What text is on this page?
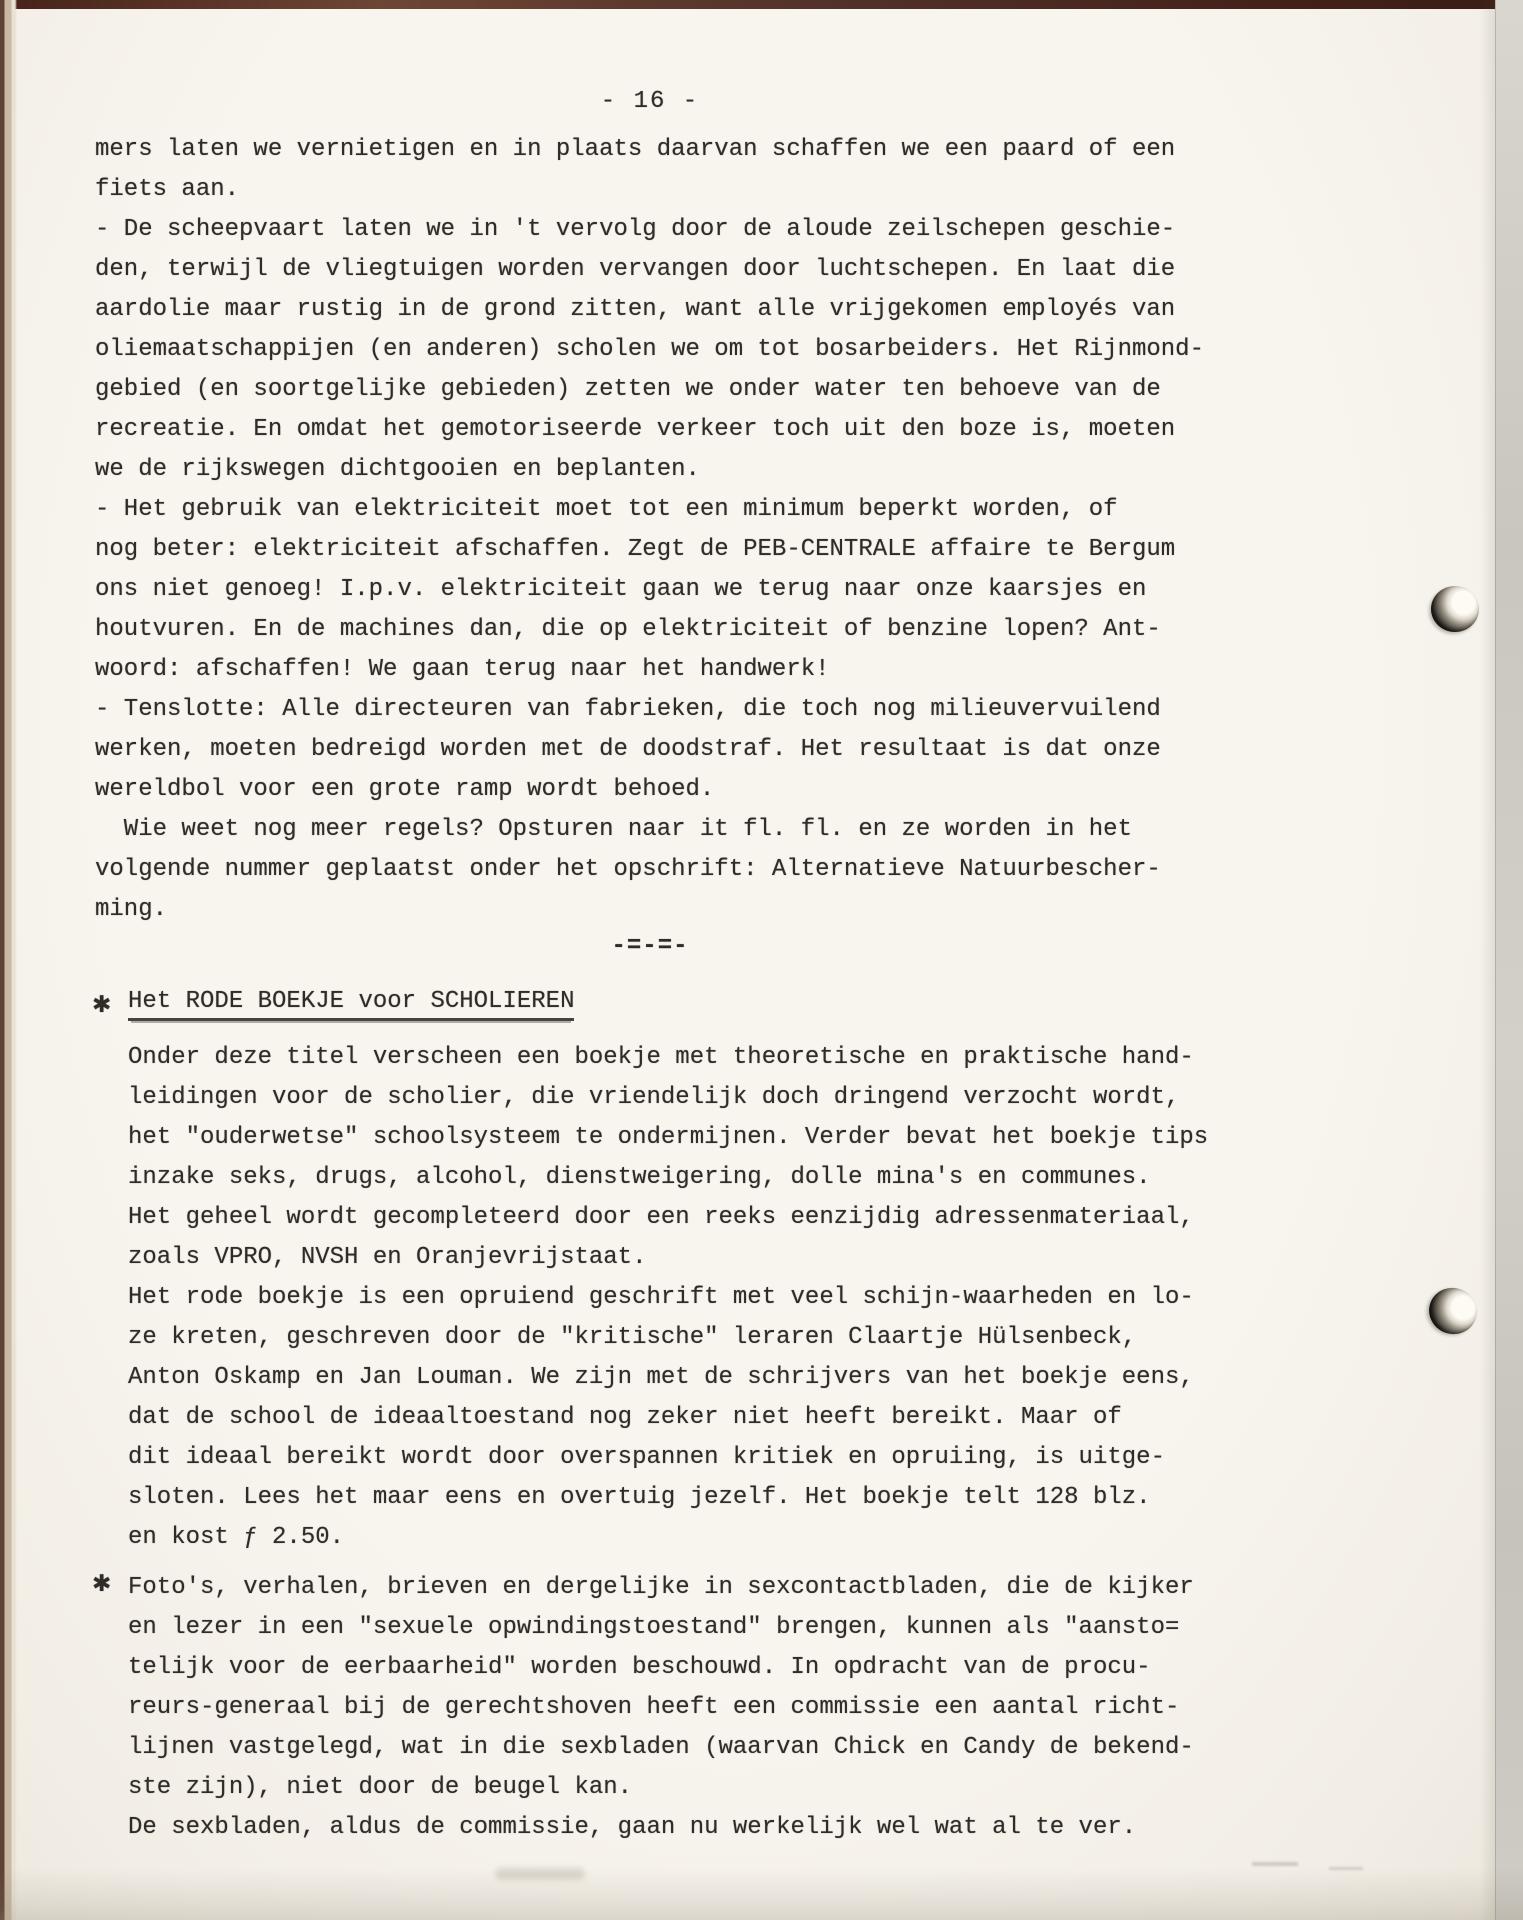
- 16 -
mers laten we vernietigen en in plaats daarvan schaffen we een paard of een
fiets aan.
- De scheepvaart laten we in 't vervolg door de aloude zeilschepen geschie-
den, terwijl de vliegtuigen worden vervangen door luchtschepen. En laat die
aardolie maar rustig in de grond zitten, want alle vrijgekomen employés van
oliemaatschappijen (en anderen) scholen we om tot bosarbeiders. Het Rijnmond-
gebied (en soortgelijke gebieden) zetten we onder water ten behoeve van de
recreatie. En omdat het gemotoriseerde verkeer toch uit den boze is, moeten
we de rijkswegen dichtgooien en beplanten.
- Het gebruik van elektriciteit moet tot een minimum beperkt worden, of
nog beter: elektriciteit afschaffen. Zegt de PEB-CENTRALE affaire te Bergum
ons niet genoeg! I.p.v. elektriciteit gaan we terug naar onze kaarsjes en
houtvuren. En de machines dan, die op elektriciteit of benzine lopen? Ant-
woord: afschaffen! We gaan terug naar het handwerk!
- Tenslotte: Alle directeuren van fabrieken, die toch nog milieuvervuilend
werken, moeten bedreigd worden met de doodstraf. Het resultaat is dat onze
wereldbol voor een grote ramp wordt behoed.
Wie weet nog meer regels? Opsturen naar it fl. fl. en ze worden in het
volgende nummer geplaatst onder het opschrift: Alternatieve Natuurbescher-
ming.
-=-=-
✱ Het RODE BOEKJE voor SCHOLIEREN
Onder deze titel verscheen een boekje met theoretische en praktische hand-
leidingen voor de scholier, die vriendelijk doch dringend verzocht wordt,
het "ouderwetse" schoolsysteem te ondermijnen. Verder bevat het boekje tips
inzake seks, drugs, alcohol, dienstweigering, dolle mina's en communes.
Het geheel wordt gecompleteerd door een reeks eenzijdig adressenmateriaal,
zoals VPRO, NVSH en Oranjevrijstaat.
Het rode boekje is een opruiend geschrift met veel schijn-waarheden en lo-
ze kreten, geschreven door de "kritische" leraren Claartje Hülsenbeck,
Anton Oskamp en Jan Louman. We zijn met de schrijvers van het boekje eens,
dat de school de ideaaltoestand nog zeker niet heeft bereikt. Maar of
dit ideaal bereikt wordt door overspannen kritiek en opruiing, is uitge-
sloten. Lees het maar eens en overtuig jezelf. Het boekje telt 128 blz.
en kost ƒ 2.50.
✱ Foto's, verhalen, brieven en dergelijke in sexcontactbladen, die de kijker
en lezer in een "sexuele opwindingstoestand" brengen, kunnen als "aansto=
telijk voor de eerbaarheid" worden beschouwd. In opdracht van de procu-
reurs-generaal bij de gerechtshoven heeft een commissie een aantal richt-
lijnen vastgelegd, wat in die sexbladen (waarvan Chick en Candy de bekend-
ste zijn), niet door de beugel kan.
De sexbladen, aldus de commissie, gaan nu werkelijk wel wat al te ver.
